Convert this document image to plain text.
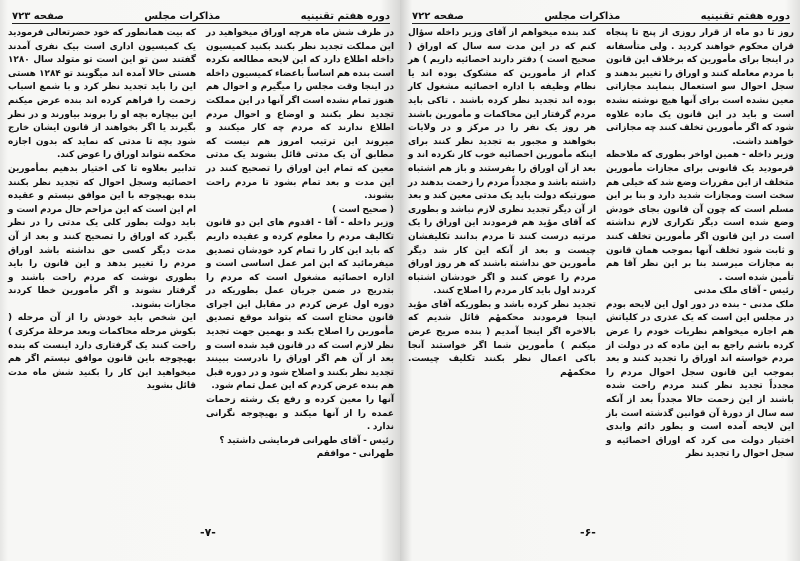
دوره هفتم تقنینیه
مذاکرات مجلس
صفحه ۷۲۳

در ظرف شش ماه هرچه اوراق میخواهید در این مملکت تجدید نظر بکنند بکنید کمیسیون داخله اطلاع دارد که این لایحه مطالعه نکرده است بنده هم اساساً باعضاء کمیسیون داخله در اینجا وقت مجلس را میگیرم و احوال هم هنوز تمام نشده است اگر آنها در این مملکت تجدید نظر بکنند و اوضاع و احوال مردم اطلاع ندارند که مردم چه کار میکنند و میروند این ترتیب امروز هم نیست که مطابق آن یک مدتی قائل بشوند یک مدتی معین که تمام این اوراق را تصحیح کنند در این مدت و بعد تمام بشود تا مردم راحت بشوند.

( صحیح است )

وزیر داخله - آقا - اقدوم های این دو قانون تکالیف مردم را معلوم کرده و عقیده داریم که باید این کار را تمام کرد خودشان تصدیق میفرمائید که این امر عمل اساسی است و اداره احصائیه مشغول است که مردم را بتدریج در ضمن جریان عمل بطوریکه در دوره اول عرض کردم در مقابل این اجرای قانون محتاج است که بتواند موقع تصدیق مأمورین را اصلاح بکند و بهمین جهت تجدید نظر لازم است که در قانون قید شده است و بعد از آن هم اگر اوراق را نادرست ببینند تجدید نظر بکنند و اصلاح شود و در دوره قبل هم بنده عرض کردم که این عمل تمام شود.

آنها را معین کرده و رفع یک رشته زحمات عمده را از آنها میکند و بهیچوجه نگرانی ندارد .

رئیس - آقای طهرانی فرمایشی داشتید ؟

طهرانی - موافقم

که بیت همانطور که خود حضرتعالی فرمودید یک کمیسیون اداری است بیک نفری آمدند گفتند سن تو این است تو متولد سال ۱۲۸۰ هستی حالا آمده اند میگویند تو ۱۲۸۴ هستی این را باید تجدید نظر کرد و با شمع اسباب زحمت را فراهم کرده اند بنده عرض میکنم این بیچاره بچه او را بروند بیاورند و در نظر بگیرند یا اگر بخواهند از قانون ایشان خارج شود بچه تا مدتی که نماید که بدون اجازه محکمه نتواند اوراق را عوض کند.

تدابیر بعلاوه تا کی اختیار بدهیم بمأمورین احصائیه وسجل احوال که تجدید نظر بکنند بنده بهیچوجه با این موافق نیستم و عقیده ام این است که این مزاحم حال مردم است و باید دولت بطور کلی یک مدتی را در نظر بگیرد که اوراق را تصحیح کنند و بعد از آن مدت دیگر کسی حق نداشته باشد اوراق مردم را تغییر بدهد و این قانون را باید بطوری نوشت که مردم راحت باشند و گرفتار نشوند و اگر مأمورین خطا کردند مجازات بشوند.

این شخص باید خودش را از آن مرحله ( بکوش مرحله محاکمات وبعد مرحلهٔ مرکزی ) راحت کنند یک گرفتاری دارد اینست که بنده بهیچوجه باین قانون موافق نیستم اگر هم میخواهید این کار را بکنید شش ماه مدت قائل بشوید

-۷-
دوره هفتم تقنینیه
مذاکرات مجلس
صفحه ۷۲۲

روز تا دو ماه از قرار روزی از پنج تا پنجاه قران محکوم خواهند کردید . ولی متأسفانه در اینجا برای مأمورین که برخلاف این قانون با مردم معامله کنند و اوراق را تغییر بدهند و سجل احوال سو استعمال بنمایند مجازاتی معین نشده است برای آنها هیچ نوشته نشده است و باید در این قانون یک ماده علاوه شود که اگر مأمورین تخلف کنند چه مجازاتی خواهند داشت.

وزیر داخله - همین اواخر بطوری که ملاحظه فرمودید یک قانونی برای مجازات مأمورین متخلف از این مقررات وضع شد که خیلی هم سخت است ومجازات شدید دارد و بنا بر این مسلم است که چون آن قانون بجای خودش وضع شده است دیگر تکراری لازم نداشته است در این قانون اگر مأمورین تخلف کنند و ثابت شود تخلف آنها بموجب همان قانون به مجازات میرسند بنا بر این نظر آقا هم تأمین شده است .

رئیس - آقای ملک مدنی

ملک مدنی - بنده در دور اول این لایحه بودم در مجلس این است که یک عذری در کلیاتش هم اجازه میخواهم نظریات خودم را عرض کرده باشم راجع به این ماده که در دولت از مردم خواسته اند اوراق را تجدید کنند و بعد بموجب این قانون سجل احوال مردم را مجدداً تجدید نظر کنند مردم راحت شده باشند از این زحمت حالا مجدداً بعد از آنکه سه سال از دورهٔ آن قوانین گذشته است باز این لایحه آمده است و بطور دائم وابدی اختیار دولت می کرد که اوراق احصائیه و سجل احوال را تجدید نظر

کند بنده میخواهم از آقای وزیر داخله سؤال کنم که در این مدت سه سال که اوراق ( صحیح است ) دفتر دارند احصائیه داریم ) هر کدام از مأمورین که مشکوک بوده اند یا نظام وظیفه با اداره احصائیه مشغول کار بوده اند تجدید نظر کرده باشند . تاکی باید مردم گرفتار این محاکمات و مأمورین باشند هر روز یک نفر را در مرکز و در ولایات بخواهند و مجبور به تجدید نظر کنند برای اینکه مأمورین احصائیه خوب کار نکرده اند و بعد از آن اوراق را بفرستند و باز هم اشتباه داشته باشد و مجدداً مردم را زحمت بدهند در صورتیکه دولت باید یک مدتی معین کند و بعد از آن دیگر تجدید نظری لازم نباشد و بطوری که آقای مؤید هم فرمودند این اوراق را یک مرتبه درست کنند تا مردم بدانند تکلیفشان چیست و بعد از آنکه این کار شد دیگر مأمورین حق نداشته باشند که هر روز اوراق مردم را عوض کنند و اگر خودشان اشتباه کردند اول باید کار مردم را اصلاح کنند.

تجدید نظر کرده باشد و بطوریکه آقای مؤید اینجا فرمودند محکمهٔم قائل شدیم که بالاخره اگر اینجا آمدیم ( بنده صریح عرض میکنم ) مأمورین شما اگر خواستند آنجا باکی اعمال نظر بکنند تکلیف چیست. محکمهٔم

-۶-
